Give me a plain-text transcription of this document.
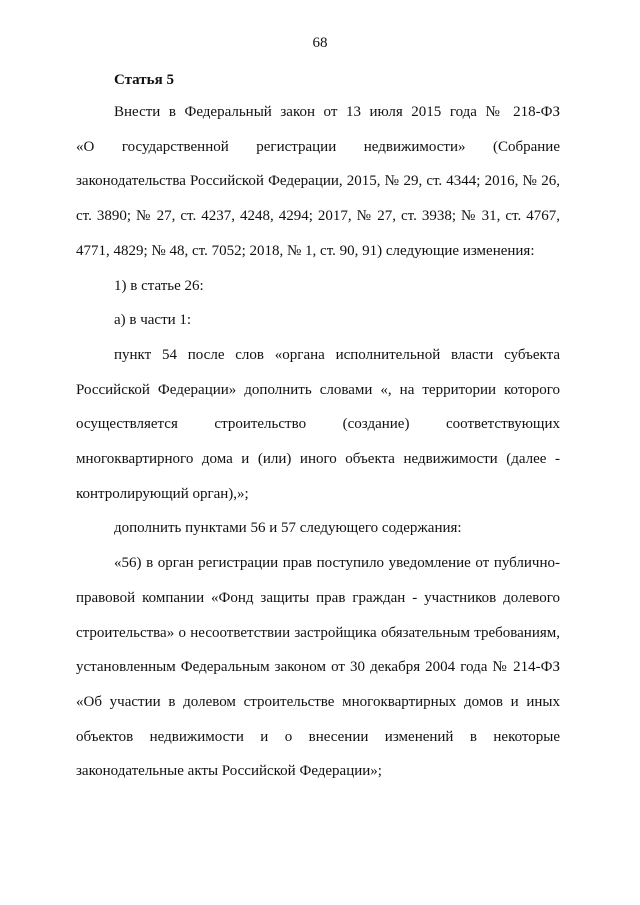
68
Статья 5
Внести в Федеральный закон от 13 июля 2015 года № 218-ФЗ
«О государственной регистрации недвижимости» (Собрание
законодательства Российской Федерации, 2015, № 29, ст. 4344; 2016, № 26,
ст. 3890; № 27, ст. 4237, 4248, 4294; 2017, № 27, ст. 3938; № 31, ст. 4767,
4771, 4829; № 48, ст. 7052; 2018, № 1, ст. 90, 91) следующие изменения:
1) в статье 26:
а) в части 1:
пункт 54 после слов «органа исполнительной власти субъекта
Российской Федерации» дополнить словами «, на территории которого
осуществляется строительство (создание) соответствующих
многоквартирного дома и (или) иного объекта недвижимости (далее -
контролирующий орган),»;
дополнить пунктами 56 и 57 следующего содержания:
«56) в орган регистрации прав поступило уведомление от публично-
правовой компании «Фонд защиты прав граждан - участников долевого
строительства» о несоответствии застройщика обязательным требованиям,
установленным Федеральным законом от 30 декабря 2004 года № 214-ФЗ
«Об участии в долевом строительстве многоквартирных домов и иных
объектов недвижимости и о внесении изменений в некоторые
законодательные акты Российской Федерации»;
